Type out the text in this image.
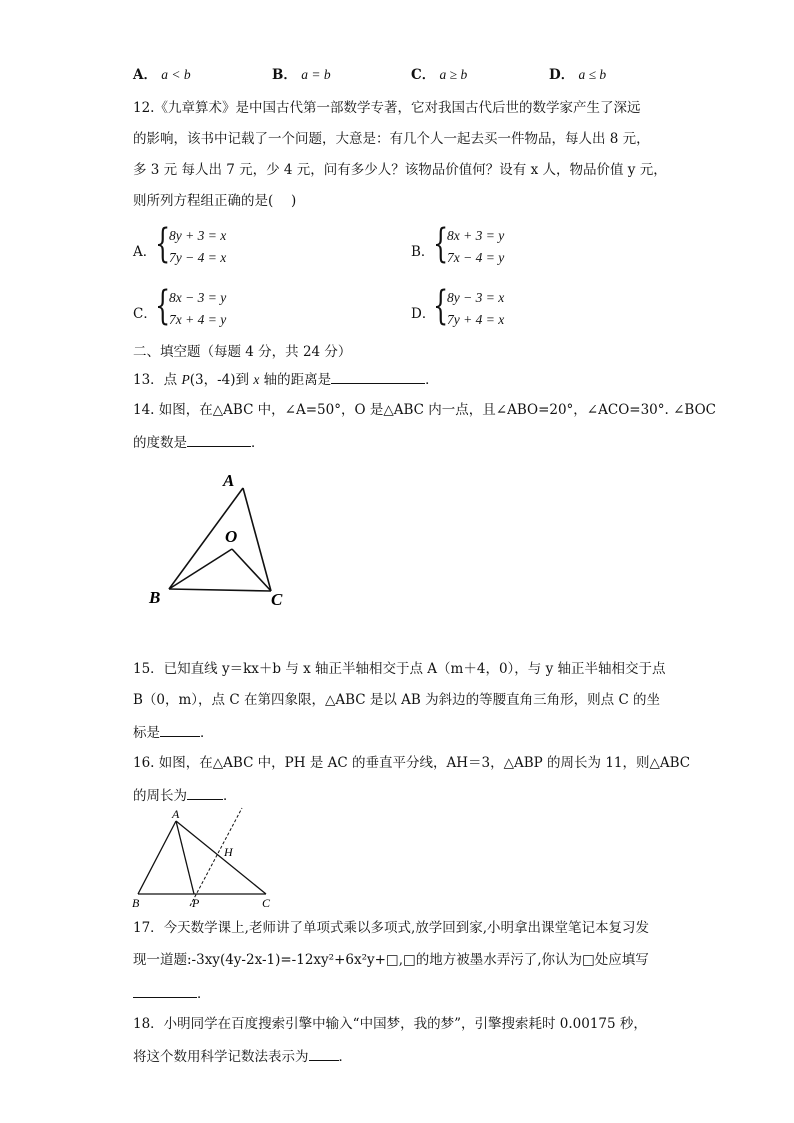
A． a < b	B． a = b	C． a ≥ b	D． a ≤ b
12.《九章算术》是中国古代第一部数学专著，它对我国古代后世的数学家产生了深远
的影响，该书中记载了一个问题，大意是：有几个人一起去买一件物品，每人出 8 元，
多 3 元 每人出 7 元，少 4 元，问有多少人？该物品价值何？设有 x 人，物品价值 y 元，
则所列方程组正确的是(　 )
A．
{
8y + 3 = x
7y − 4 = x	B．
{
8x + 3 = y
7x − 4 = y
C．
{
8x − 3 = y
7x + 4 = y	D．
{
8y − 3 = x
7y + 4 = x
二、填空题（每题 4 分，共 24 分）
13．点 P(3，-4)到 x 轴的距离是	．
14. 如图，在△ABC 中，∠A=50°，O 是△ABC 内一点，且∠ABO=20°，∠ACO=30°. ∠BOC
的度数是	．
A
O
B	C
15．已知直线 y＝kx＋b 与 x 轴正半轴相交于点 A（m＋4，0），与 y 轴正半轴相交于点
B（0，m），点 C 在第四象限，△ABC 是以 AB 为斜边的等腰直角三角形，则点 C 的坐
标是	．
16. 如图，在△ABC 中，PH 是 AC 的垂直平分线，AH＝3，△ABP 的周长为 11，则△ABC
的周长为	．
A
H
B	P	C
17．今天数学课上,老师讲了单项式乘以多项式,放学回到家,小明拿出课堂笔记本复习发
现一道题:-3xy(4y-2x-1)=-12xy²+6x²y+□,□的地方被墨水弄污了,你认为□处应填写
．
18．小明同学在百度搜索引擎中输入“中国梦，我的梦”，引擎搜索耗时 0.00175 秒，
将这个数用科学记数法表示为 ．
